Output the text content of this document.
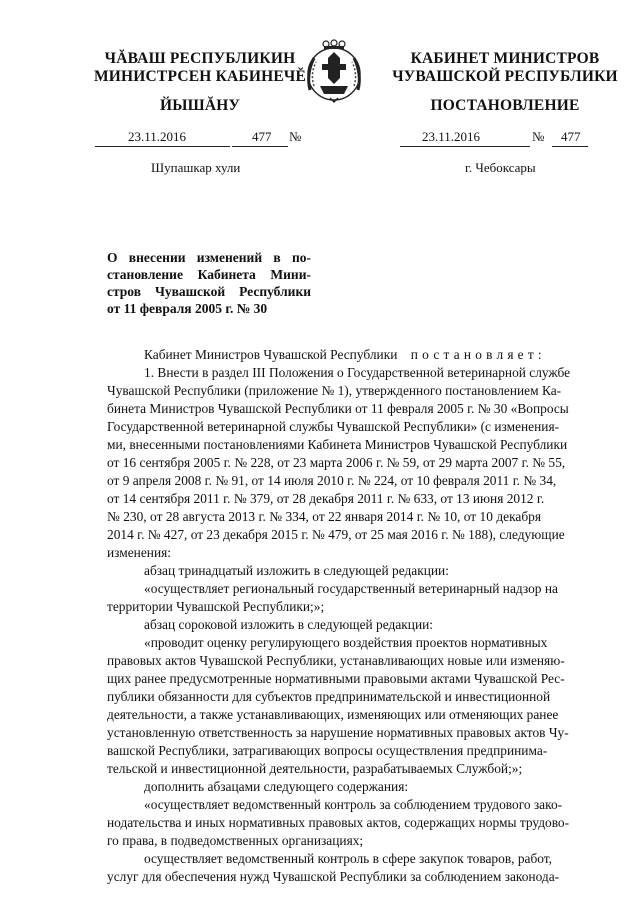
ЧĂВАШ РЕСПУБЛИКИН
МИНИСТРСЕН КАБИНЕЧĔ
ЙЫШĂНУ
КАБИНЕТ МИНИСТРОВ
ЧУВАШСКОЙ РЕСПУБЛИКИ
ПОСТАНОВЛЕНИЕ
23.11.2016	477 №	23.11.2016	№ 477
Шупашкар хули	г. Чебоксары
О внесении изменений в по-
становление Кабинета Мини-
стров Чувашской Республики
от 11 февраля 2005 г. № 30
Кабинет Министров Чувашской Республики постановляет:
1. Внести в раздел III Положения о Государственной ветеринарной службе
Чувашской Республики (приложение № 1), утвержденного постановлением Ка-
бинета Министров Чувашской Республики от 11 февраля 2005 г. № 30 «Вопросы
Государственной ветеринарной службы Чувашской Республики» (с изменения-
ми, внесенными постановлениями Кабинета Министров Чувашской Республики
от 16 сентября 2005 г. № 228, от 23 марта 2006 г. № 59, от 29 марта 2007 г. № 55,
от 9 апреля 2008 г. № 91, от 14 июля 2010 г. № 224, от 10 февраля 2011 г. № 34,
от 14 сентября 2011 г. № 379, от 28 декабря 2011 г. № 633, от 13 июня 2012 г.
№ 230, от 28 августа 2013 г. № 334, от 22 января 2014 г. № 10, от 10 декабря
2014 г. № 427, от 23 декабря 2015 г. № 479, от 25 мая 2016 г. № 188), следующие
изменения:
абзац тринадцатый изложить в следующей редакции:
«осуществляет региональный государственный ветеринарный надзор на
территории Чувашской Республики;»;
абзац сороковой изложить в следующей редакции:
«проводит оценку регулирующего воздействия проектов нормативных
правовых актов Чувашской Республики, устанавливающих новые или изменяю-
щих ранее предусмотренные нормативными правовыми актами Чувашской Рес-
публики обязанности для субъектов предпринимательской и инвестиционной
деятельности, а также устанавливающих, изменяющих или отменяющих ранее
установленную ответственность за нарушение нормативных правовых актов Чу-
вашской Республики, затрагивающих вопросы осуществления предпринима-
тельской и инвестиционной деятельности, разрабатываемых Службой;»;
дополнить абзацами следующего содержания:
«осуществляет ведомственный контроль за соблюдением трудового зако-
нодательства и иных нормативных правовых актов, содержащих нормы трудово-
го права, в подведомственных организациях;
осуществляет ведомственный контроль в сфере закупок товаров, работ,
услуг для обеспечения нужд Чувашской Республики за соблюдением законода-
